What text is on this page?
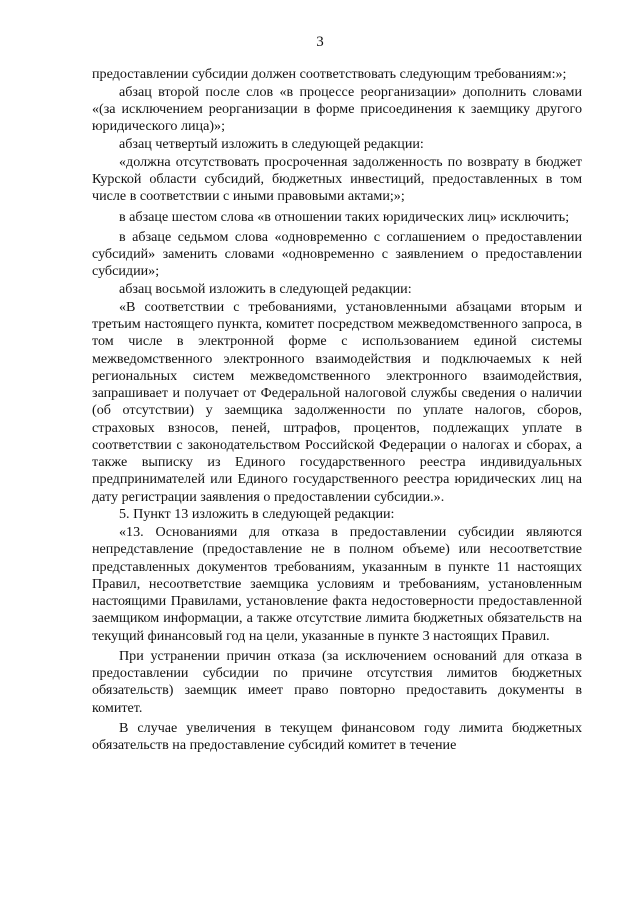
3

предоставлении субсидии должен соответствовать следующим требованиям:»;

абзац второй после слов «в процессе реорганизации» дополнить словами «(за исключением реорганизации в форме присоединения к заемщику другого юридического лица)»;

абзац четвертый изложить в следующей редакции:

«должна отсутствовать просроченная задолженность по возврату в бюджет Курской области субсидий, бюджетных инвестиций, предоставленных в том числе в соответствии с иными правовыми актами;»;

в абзаце шестом слова «в отношении таких юридических лиц» исключить;

в абзаце седьмом слова «одновременно с соглашением о предоставлении субсидий» заменить словами «одновременно с заявлением о предоставлении субсидии»;

абзац восьмой изложить в следующей редакции:

«В соответствии с требованиями, установленными абзацами вторым и третьим настоящего пункта, комитет посредством межведомственного запроса, в том числе в электронной форме с использованием единой системы межведомственного электронного взаимодействия и подключаемых к ней региональных систем межведомственного электронного взаимодействия, запрашивает и получает от Федеральной налоговой службы сведения о наличии (об отсутствии) у заемщика задолженности по уплате налогов, сборов, страховых взносов, пеней, штрафов, процентов, подлежащих уплате в соответствии с законодательством Российской Федерации о налогах и сборах, а также выписку из Единого государственного реестра индивидуальных предпринимателей или Единого государственного реестра юридических лиц на дату регистрации заявления о предоставлении субсидии.».

5. Пункт 13 изложить в следующей редакции:

«13. Основаниями для отказа в предоставлении субсидии являются непредставление (предоставление не в полном объеме) или несоответствие представленных документов требованиям, указанным в пункте 11 настоящих Правил, несоответствие заемщика условиям и требованиям, установленным настоящими Правилами, установление факта недостоверности предоставленной заемщиком информации, а также отсутствие лимита бюджетных обязательств на текущий финансовый год на цели, указанные в пункте 3 настоящих Правил.

При устранении причин отказа (за исключением оснований для отказа в предоставлении субсидии по причине отсутствия лимитов бюджетных обязательств) заемщик имеет право повторно предоставить документы в комитет.

В случае увеличения в текущем финансовом году лимита бюджетных обязательств на предоставление субсидий комитет в течение
